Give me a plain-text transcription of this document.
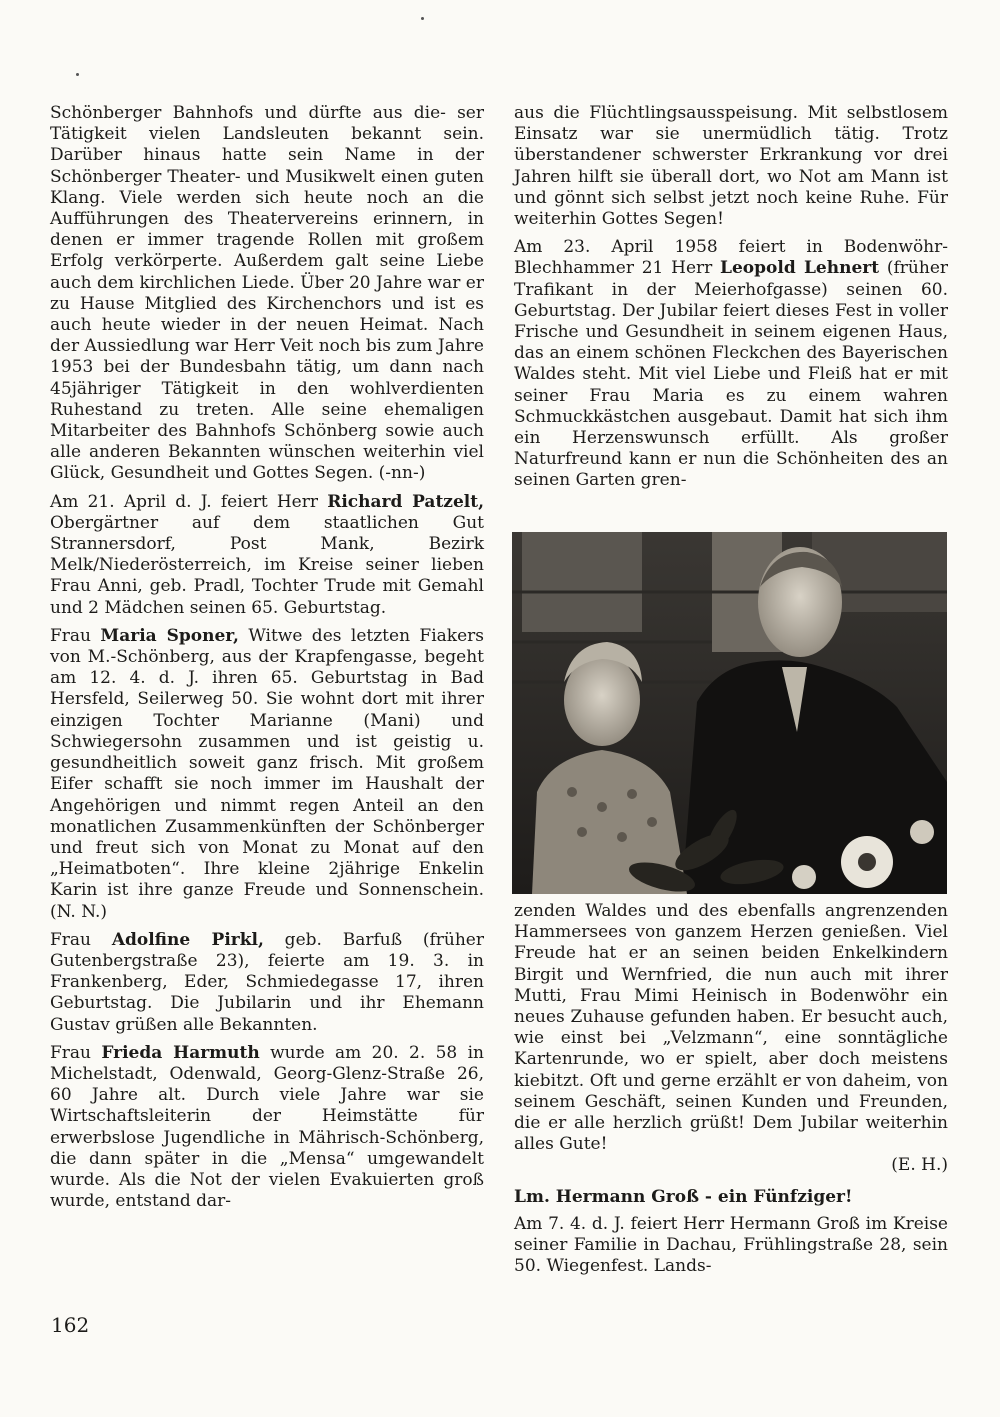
Schönberger Bahnhofs und dürfte aus die- ser Tätigkeit vielen Landsleuten bekannt sein. Darüber hinaus hatte sein Name in der Schönberger Theater- und Musikwelt einen guten Klang. Viele werden sich heute noch an die Aufführungen des Theatervereins erinnern, in denen er immer tragende Rollen mit großem Erfolg verkörperte. Außerdem galt seine Liebe auch dem kirchlichen Liede. Über 20 Jahre war er zu Hause Mitglied des Kirchenchors und ist es auch heute wieder in der neuen Heimat. Nach der Aussiedlung war Herr Veit noch bis zum Jahre 1953 bei der Bundesbahn tätig, um dann nach 45jähriger Tätigkeit in den wohlverdienten Ruhestand zu treten. Alle seine ehemaligen Mitarbeiter des Bahnhofs Schönberg sowie auch alle anderen Bekannten wünschen weiterhin viel Glück, Gesundheit und Gottes Segen. (-nn-)

Am 21. April d. J. feiert Herr Richard Patzelt, Obergärtner auf dem staatlichen Gut Strannersdorf, Post Mank, Bezirk Melk/Niederösterreich, im Kreise seiner lieben Frau Anni, geb. Pradl, Tochter Trude mit Gemahl und 2 Mädchen seinen 65. Geburtstag.

Frau Maria Sponer, Witwe des letzten Fiakers von M.-Schönberg, aus der Krapfengasse, begeht am 12. 4. d. J. ihren 65. Geburtstag in Bad Hersfeld, Seilerweg 50. Sie wohnt dort mit ihrer einzigen Tochter Marianne (Mani) und Schwiegersohn zusammen und ist geistig u. gesundheitlich soweit ganz frisch. Mit großem Eifer schafft sie noch immer im Haushalt der Angehörigen und nimmt regen Anteil an den monatlichen Zusammenkünften der Schönberger und freut sich von Monat zu Monat auf den „Heimatboten“. Ihre kleine 2jährige Enkelin Karin ist ihre ganze Freude und Sonnenschein. (N. N.)

Frau Adolfine Pirkl, geb. Barfuß (früher Gutenbergstraße 23), feierte am 19. 3. in Frankenberg, Eder, Schmiedegasse 17, ihren Geburtstag. Die Jubilarin und ihr Ehemann Gustav grüßen alle Bekannten.

Frau Frieda Harmuth wurde am 20. 2. 58 in Michelstadt, Odenwald, Georg-Glenz-Straße 26, 60 Jahre alt. Durch viele Jahre war sie Wirtschaftsleiterin der Heimstätte für erwerbslose Jugendliche in Mährisch-Schönberg, die dann später in die „Mensa“ umgewandelt wurde. Als die Not der vielen Evakuierten groß wurde, entstand dar-

aus die Flüchtlingsausspeisung. Mit selbstlosem Einsatz war sie unermüdlich tätig. Trotz überstandener schwerster Erkrankung vor drei Jahren hilft sie überall dort, wo Not am Mann ist und gönnt sich selbst jetzt noch keine Ruhe. Für weiterhin Gottes Segen!

Am 23. April 1958 feiert in Bodenwöhr-Blechhammer 21 Herr Leopold Lehnert (früher Trafikant in der Meierhofgasse) seinen 60. Geburtstag. Der Jubilar feiert dieses Fest in voller Frische und Gesundheit in seinem eigenen Haus, das an einem schönen Fleckchen des Bayerischen Waldes steht. Mit viel Liebe und Fleiß hat er mit seiner Frau Maria es zu einem wahren Schmuckkästchen ausgebaut. Damit hat sich ihm ein Herzenswunsch erfüllt. Als großer Naturfreund kann er nun die Schönheiten des an seinen Garten gren-

zenden Waldes und des ebenfalls angrenzenden Hammersees von ganzem Herzen genießen. Viel Freude hat er an seinen beiden Enkelkindern Birgit und Wernfried, die nun auch mit ihrer Mutti, Frau Mimi Heinisch in Bodenwöhr ein neues Zuhause gefunden haben. Er besucht auch, wie einst bei „Velzmann“, eine sonntägliche Kartenrunde, wo er spielt, aber doch meistens kiebitzt. Oft und gerne erzählt er von daheim, von seinem Geschäft, seinen Kunden und Freunden, die er alle herzlich grüßt! Dem Jubilar weiterhin alles Gute!

(E. H.)

Lm. Hermann Groß - ein Fünfziger!

Am 7. 4. d. J. feiert Herr Hermann Groß im Kreise seiner Familie in Dachau, Frühlingstraße 28, sein 50. Wiegenfest. Lands-

162
